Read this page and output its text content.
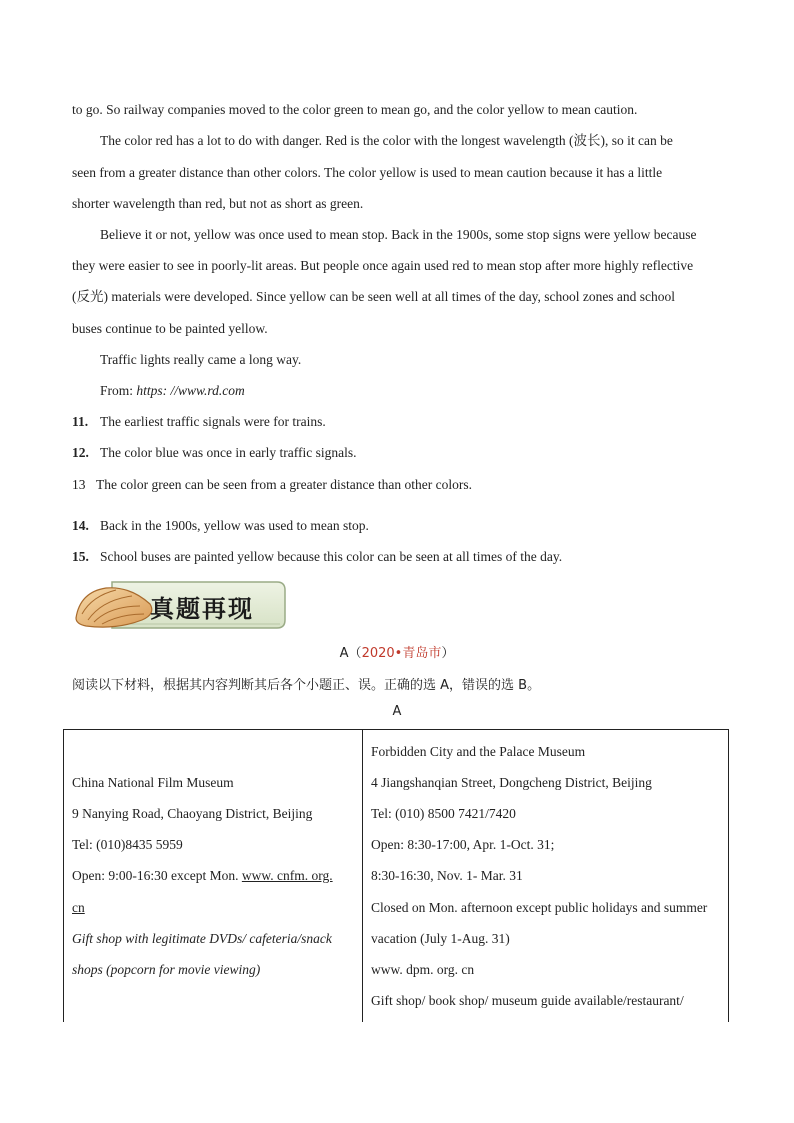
to go. So railway companies moved to the color green to mean go, and the color yellow to mean caution.
The color red has a lot to do with danger. Red is the color with the longest wavelength (波长), so it can be
seen from a greater distance than other colors. The color yellow is used to mean caution because it has a little
shorter wavelength than red, but not as short as green.
Believe it or not, yellow was once used to mean stop. Back in the 1900s, some stop signs were yellow because
they were easier to see in poorly-lit areas. But people once again used red to mean stop after more highly reflective
(反光) materials were developed. Since yellow can be seen well at all times of the day, school zones and school
buses continue to be painted yellow.
Traffic lights really came a long way.
From: https: //www.rd.com
11. The earliest traffic signals were for trains.
12. The color blue was once in early traffic signals.
13 The color green can be seen from a greater distance than other colors.
14. Back in the 1900s, yellow was used to mean stop.
15. School buses are painted yellow because this color can be seen at all times of the day.
真题再现
A（2020•青岛市）
阅读以下材料，根据其内容判断其后各个小题正、误。正确的选 A，错误的选 B。
A
China National Film Museum
9 Nanying Road, Chaoyang District, Beijing
Tel: (010)8435 5959
Open: 9:00-16:30 except Mon. www. cnfm. org.
cn
Gift shop with legitimate DVDs/ cafeteria/snack
shops (popcorn for movie viewing)
Forbidden City and the Palace Museum
4 Jiangshanqian Street, Dongcheng District, Beijing
Tel: (010) 8500 7421/7420
Open: 8:30-17:00, Apr. 1-Oct. 31;
8:30-16:30, Nov. 1- Mar. 31
Closed on Mon. afternoon except public holidays and summer
vacation (July 1-Aug. 31)
www. dpm. org. cn
Gift shop/ book shop/ museum guide available/restaurant/
